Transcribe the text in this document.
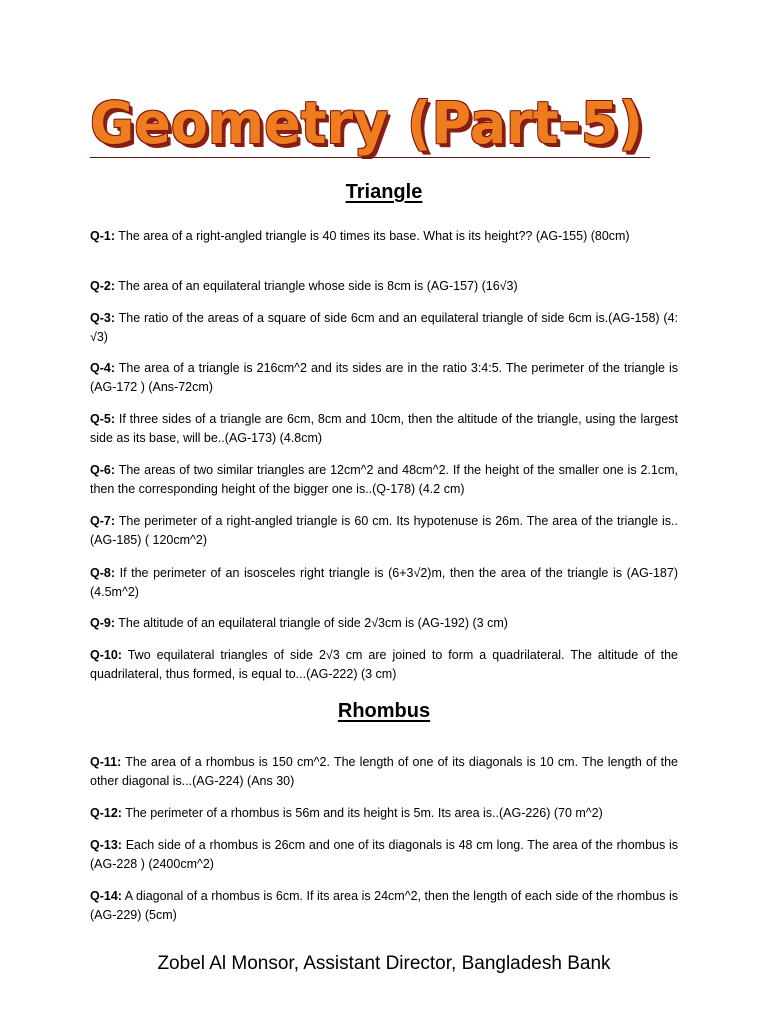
Geometry (Part-5)
Triangle
Q-1: The area of a right-angled triangle is 40 times its base. What is its height?? (AG-155) (80cm)
Q-2: The area of an equilateral triangle whose side is 8cm is (AG-157) (16√3)
Q-3: The ratio of the areas of a square of side 6cm and an equilateral triangle of side 6cm is.(AG-158) (4: √3)
Q-4: The area of a triangle is 216cm^2 and its sides are in the ratio 3:4:5. The perimeter of the triangle is (AG-172 ) (Ans-72cm)
Q-5: If three sides of a triangle are 6cm, 8cm and 10cm, then the altitude of the triangle, using the largest side as its base, will be..(AG-173) (4.8cm)
Q-6: The areas of two similar triangles are 12cm^2 and 48cm^2. If the height of the smaller one is 2.1cm, then the corresponding height of the bigger one is..(Q-178) (4.2 cm)
Q-7: The perimeter of a right-angled triangle is 60 cm. Its hypotenuse is 26m. The area of the triangle is..(AG-185) ( 120cm^2)
Q-8: If the perimeter of an isosceles right triangle is (6+3√2)m, then the area of the triangle is (AG-187) (4.5m^2)
Q-9: The altitude of an equilateral triangle of side 2√3cm is (AG-192) (3 cm)
Q-10: Two equilateral triangles of side 2√3 cm are joined to form a quadrilateral. The altitude of the quadrilateral, thus formed, is equal to...(AG-222) (3 cm)
Rhombus
Q-11: The area of a rhombus is 150 cm^2. The length of one of its diagonals is 10 cm. The length of the other diagonal is...(AG-224) (Ans 30)
Q-12: The perimeter of a rhombus is 56m and its height is 5m. Its area is..(AG-226) (70 m^2)
Q-13: Each side of a rhombus is 26cm and one of its diagonals is 48 cm long. The area of the rhombus is (AG-228 ) (2400cm^2)
Q-14: A diagonal of a rhombus is 6cm. If its area is 24cm^2, then the length of each side of the rhombus is (AG-229) (5cm)
Zobel Al Monsor, Assistant Director, Bangladesh Bank
